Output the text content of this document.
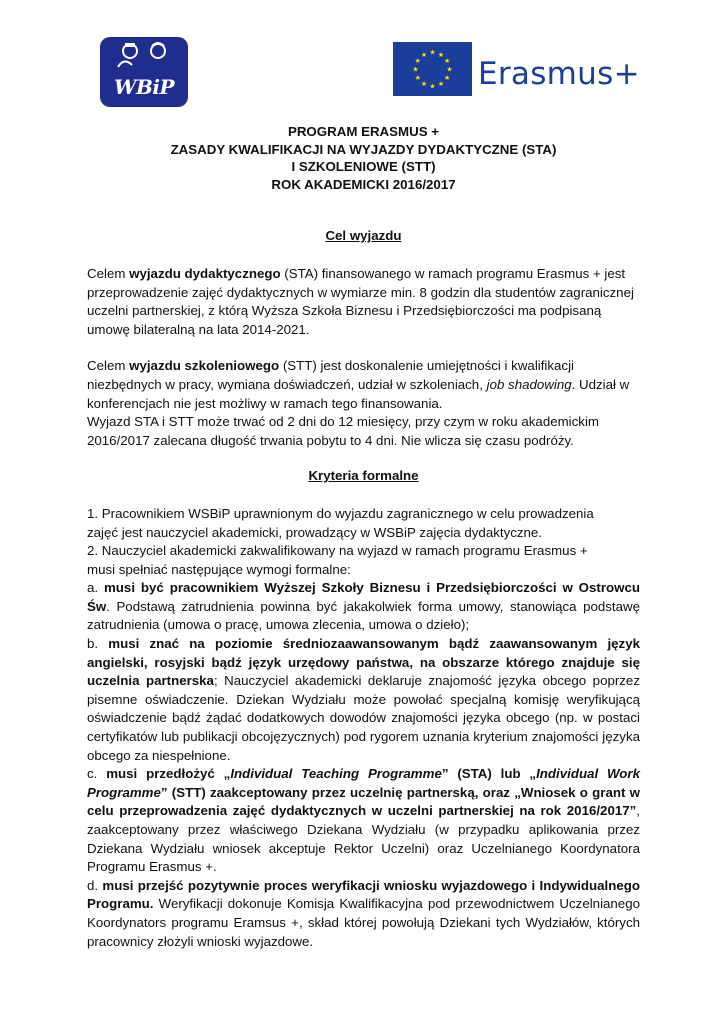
WBiP
★ ★
★
★
★
★
★
★
★
★
★
★
Erasmus+
PROGRAM ERASMUS +
ZASADY KWALIFIKACJI NA WYJAZDY DYDAKTYCZNE (STA)
I SZKOLENIOWE (STT)
ROK AKADEMICKI 2016/2017
Cel wyjazdu

Celem wyjazdu dydaktycznego (STA) finansowanego w ramach programu Erasmus + jest przeprowadzenie zajęć dydaktycznych w wymiarze min. 8 godzin dla studentów zagranicznej uczelni partnerskiej, z którą Wyższa Szkoła Biznesu i Przedsiębiorczości ma podpisaną umowę bilateralną na lata 2014-2021.

Celem wyjazdu szkoleniowego (STT) jest doskonalenie umiejętności i kwalifikacji niezbędnych w pracy, wymiana doświadczeń, udział w szkoleniach, job shadowing. Udział w konferencjach nie jest możliwy w ramach tego finansowania.

Wyjazd STA i STT może trwać od 2 dni do 12 miesięcy, przy czym w roku akademickim
2016/2017 zalecana długość trwania pobytu to 4 dni. Nie wlicza się czasu podróży.

Kryteria formalne

1. Pracownikiem WSBiP uprawnionym do wyjazdu zagranicznego w celu prowadzenia
zajęć jest nauczyciel akademicki, prowadzący w WSBiP zajęcia dydaktyczne.

2. Nauczyciel akademicki zakwalifikowany na wyjazd w ramach programu Erasmus +
musi spełniać następujące wymogi formalne:

a. musi być pracownikiem Wyższej Szkoły Biznesu i Przedsiębiorczości w Ostrowcu Św. Podstawą zatrudnienia powinna być jakakolwiek forma umowy, stanowiąca podstawę zatrudnienia (umowa o pracę, umowa zlecenia, umowa o dzieło);

b. musi znać na poziomie średniozaawansowanym bądź zaawansowanym język angielski, rosyjski bądź język urzędowy państwa, na obszarze którego znajduje się uczelnia partnerska; Nauczyciel akademicki deklaruje znajomość języka obcego poprzez pisemne oświadczenie. Dziekan Wydziału może powołać specjalną komisję weryfikującą oświadczenie bądź żądać dodatkowych dowodów znajomości języka obcego (np. w postaci certyfikatów lub publikacji obcojęzycznych) pod rygorem uznania kryterium znajomości języka obcego za niespełnione.

c. musi przedłożyć „Individual Teaching Programme” (STA) lub „Individual Work Programme” (STT) zaakceptowany przez uczelnię partnerską, oraz „Wniosek o grant w celu przeprowadzenia zajęć dydaktycznych w uczelni partnerskiej na rok 2016/2017”, zaakceptowany przez właściwego Dziekana Wydziału (w przypadku aplikowania przez Dziekana Wydziału wniosek akceptuje Rektor Uczelni) oraz Uczelnianego Koordynatora Programu Erasmus +.

d. musi przejść pozytywnie proces weryfikacji wniosku wyjazdowego i Indywidualnego Programu. Weryfikacji dokonuje Komisja Kwalifikacyjna pod przewodnictwem Uczelnianego Koordynators programu Eramsus +, skład której powołują Dziekani tych Wydziałów, których pracownicy złożyli wnioski wyjazdowe.
